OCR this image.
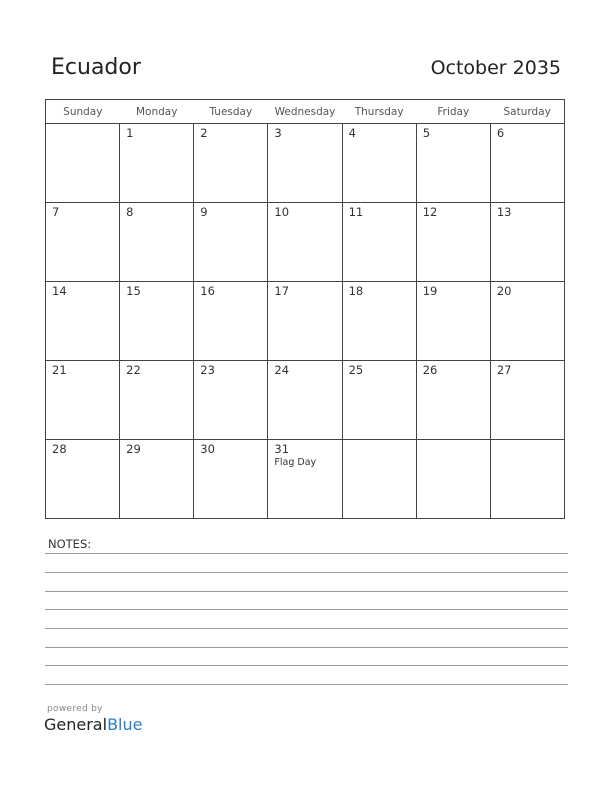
Ecuador	October 2035
Sunday	Monday	Tuesday	Wednesday	Thursday	Friday	Saturday

	1	2	3	4	5	6

7	8	9	10	11	12	13

14	15	16	17	18	19	20

21	22	23	24	25	26	27

28	29	30	31
Flag Day			

NOTES:
powered by
GeneralBlue
